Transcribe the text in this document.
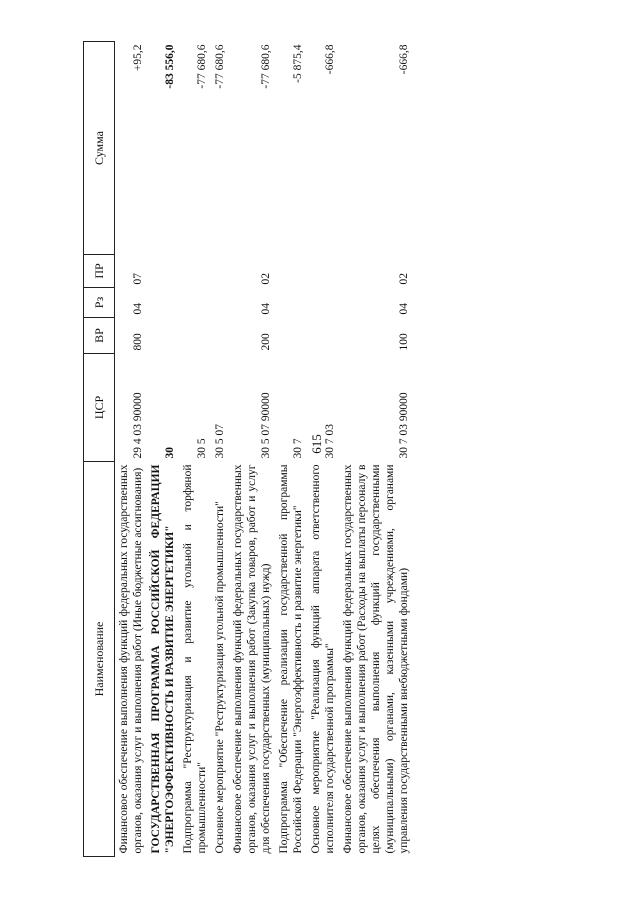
615
Наименование	ЦСР	ВР	Рз	ПР	Сумма
Финансовое обеспечение выполнения функций федеральных государственных органов, оказания услуг и выполнения работ (Иные бюджетные ассигнования)	29 4 03 90000	800	04	07	+95,2
ГОСУДАРСТВЕННАЯ ПРОГРАММА РОССИЙСКОЙ ФЕДЕРАЦИИ "ЭНЕРГОЭФФЕКТИВНОСТЬ И РАЗВИТИЕ ЭНЕРГЕТИКИ"	30				-83 556,0
Подпрограмма "Реструктуризация и развитие угольной и торфяной промышленности"	30 5				-77 680,6
Основное мероприятие "Реструктуризация угольной промышленности"	30 5 07				-77 680,6
Финансовое обеспечение выполнения функций федеральных государственных органов, оказания услуг и выполнения работ (Закупка товаров, работ и услуг для обеспечения государственных (муниципальных) нужд)	30 5 07 90000	200	04	02	-77 680,6
Подпрограмма "Обеспечение реализации государственной программы Российской Федерации "Энергоэффективность и развитие энергетики"	30 7				-5 875,4
Основное мероприятие "Реализация функций аппарата ответственного исполнителя государственной программы"	30 7 03				-666,8
Финансовое обеспечение выполнения функций федеральных государственных органов, оказания услуг и выполнения работ (Расходы на выплаты персоналу в целях обеспечения выполнения функций государственными (муниципальными) органами, казенными учреждениями, органами управления государственными внебюджетными фондами)	30 7 03 90000	100	04	02	-666,8
